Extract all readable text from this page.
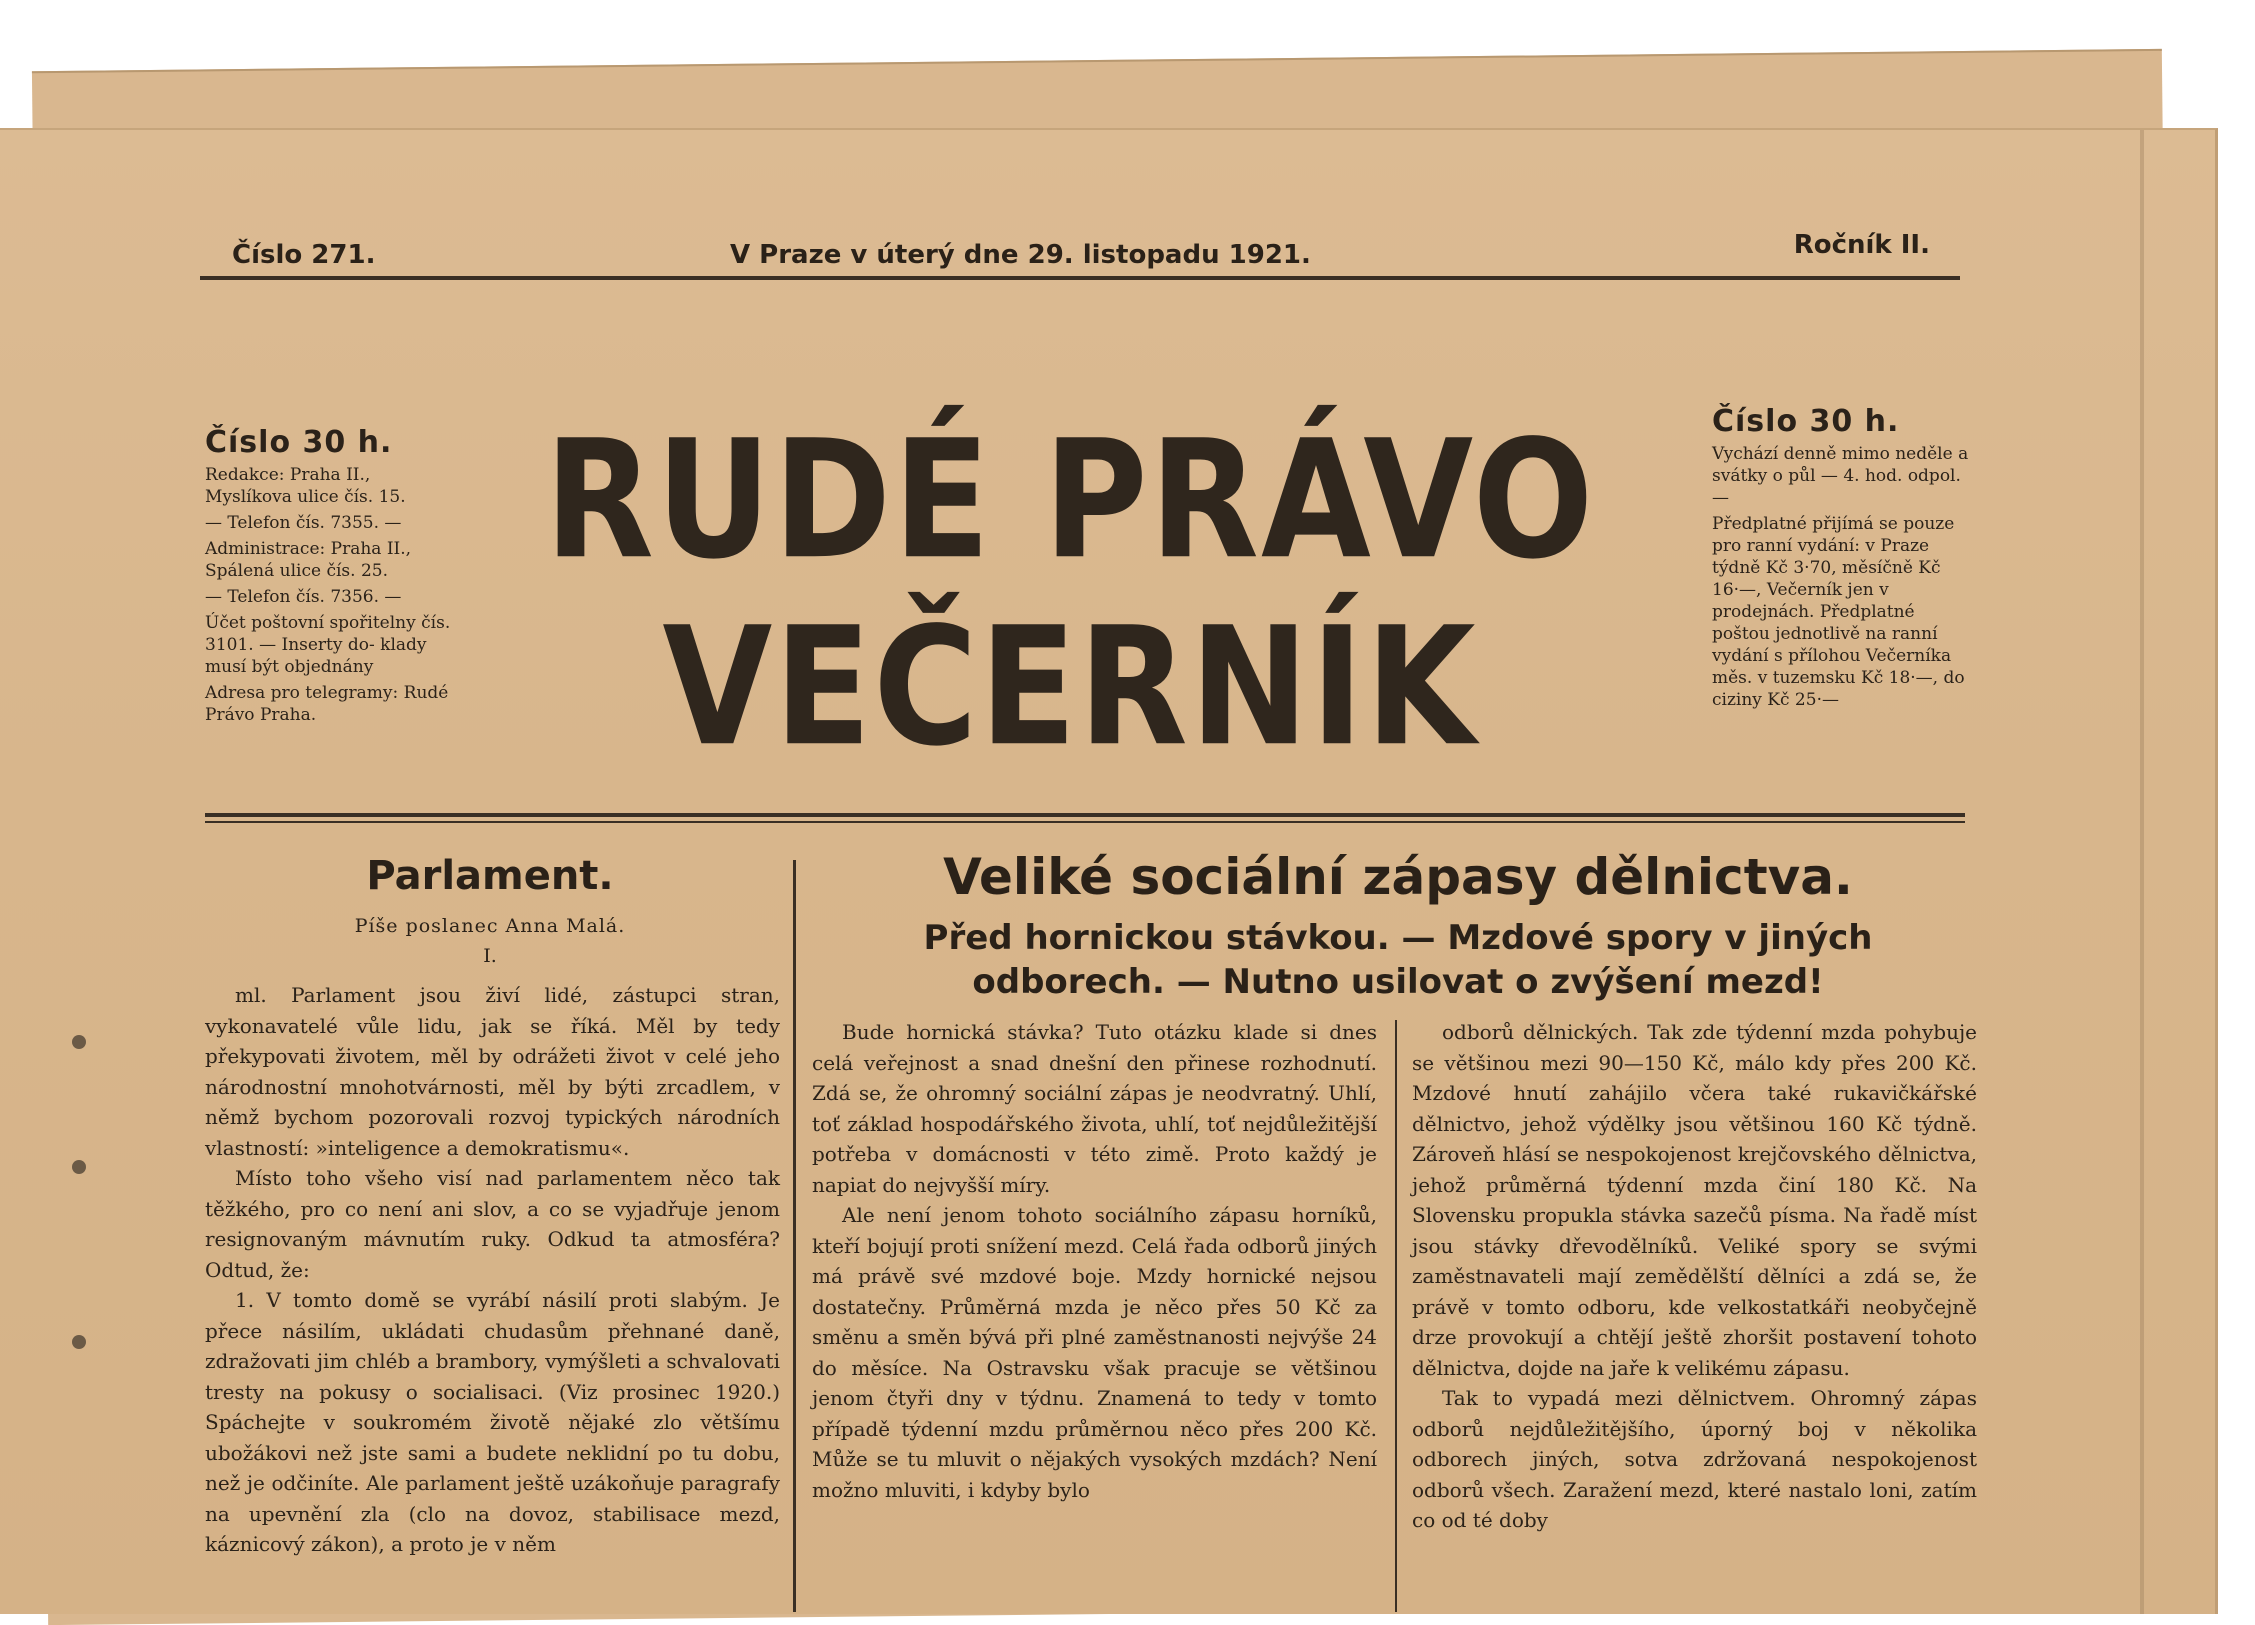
Číslo 271.	V Praze v úterý dne 29. listopadu 1921.	Ročník II.
Číslo 30 h.

Redakce: Praha II., Myslíkova ulice čís. 15.

— Telefon čís. 7355. —

Administrace: Praha II., Spálená ulice čís. 25.

— Telefon čís. 7356. —

Účet poštovní spořitelny čís. 3101. — Inserty do- klady musí být objednány

Adresa pro telegramy: Rudé Právo Praha.

RUDÉ PRÁVO
VEČERNÍK
Číslo 30 h.

Vychází denně mimo neděle a svátky o půl — 4. hod. odpol. —

Předplatné přijímá se pouze pro ranní vydání: v Praze týdně Kč 3·70, měsíčně Kč 16·—, Večerník jen v prodejnách. Předplatné poštou jednotlivě na ranní vydání s přílohou Večerníka měs. v tuzemsku Kč 18·—, do ciziny Kč 25·—

Parlament.
Píše poslanec Anna Malá.
I.

ml. Parlament jsou živí lidé, zástupci stran, vykonavatelé vůle lidu, jak se říká. Měl by tedy překypovati životem, měl by odrážeti život v celé jeho národnostní mnohotvárnosti, měl by býti zrcadlem, v němž bychom pozorovali rozvoj typických národních vlastností: »inteligence a demokratismu«.

Místo toho všeho visí nad parlamentem něco tak těžkého, pro co není ani slov, a co se vyjadřuje jenom resignovaným mávnutím ruky. Odkud ta atmosféra? Odtud, že:

1. V tomto domě se vyrábí násilí proti slabým. Je přece násilím, ukládati chudasům přehnané daně, zdražovati jim chléb a brambory, vymýšleti a schvalovati tresty na pokusy o socialisaci. (Viz prosinec 1920.) Spáchejte v soukromém životě nějaké zlo většímu ubožákovi než jste sami a budete neklidní po tu dobu, než je odčiníte. Ale parlament ještě uzákoňuje paragrafy na upevnění zla (clo na dovoz, stabilisace mezd, káznicový zákon), a proto je v něm

Veliké sociální zápasy dělnictva.
Před hornickou stávkou. — Mzdové spory v jiných
odborech. — Nutno usilovat o zvýšení mezd!

Bude hornická stávka? Tuto otázku klade si dnes celá veřejnost a snad dnešní den přinese rozhodnutí. Zdá se, že ohromný sociální zápas je neodvratný. Uhlí, toť základ hospodářského života, uhlí, toť nejdůležitější potřeba v domácnosti v této zimě. Proto každý je napiat do nejvyšší míry.

Ale není jenom tohoto sociálního zápasu horníků, kteří bojují proti snížení mezd. Celá řada odborů jiných má právě své mzdové boje. Mzdy hornické nejsou dostatečny. Průměrná mzda je něco přes 50 Kč za směnu a směn bývá při plné zaměstnanosti nejvýše 24 do měsíce. Na Ostravsku však pracuje se většinou jenom čtyři dny v týdnu. Znamená to tedy v tomto případě týdenní mzdu průměrnou něco přes 200 Kč. Může se tu mluvit o nějakých vysokých mzdách? Není možno mluviti, i kdyby bylo

odborů dělnických. Tak zde týdenní mzda pohybuje se většinou mezi 90—150 Kč, málo kdy přes 200 Kč. Mzdové hnutí zahájilo včera také rukavičkářské dělnictvo, jehož výdělky jsou většinou 160 Kč týdně. Zároveň hlásí se nespokojenost krejčovského dělnictva, jehož průměrná týdenní mzda činí 180 Kč. Na Slovensku propukla stávka sazečů písma. Na řadě míst jsou stávky dřevodělníků. Veliké spory se svými zaměstnavateli mají zemědělští dělníci a zdá se, že právě v tomto odboru, kde velkostatkáři neobyčejně drze provokují a chtějí ještě zhoršit postavení tohoto dělnictva, dojde na jaře k velikému zápasu.

Tak to vypadá mezi dělnictvem. Ohromný zápas odborů nejdůležitějšího, úporný boj v několika odborech jiných, sotva zdržovaná nespokojenost odborů všech. Zaražení mezd, které nastalo loni, zatím co od té doby
